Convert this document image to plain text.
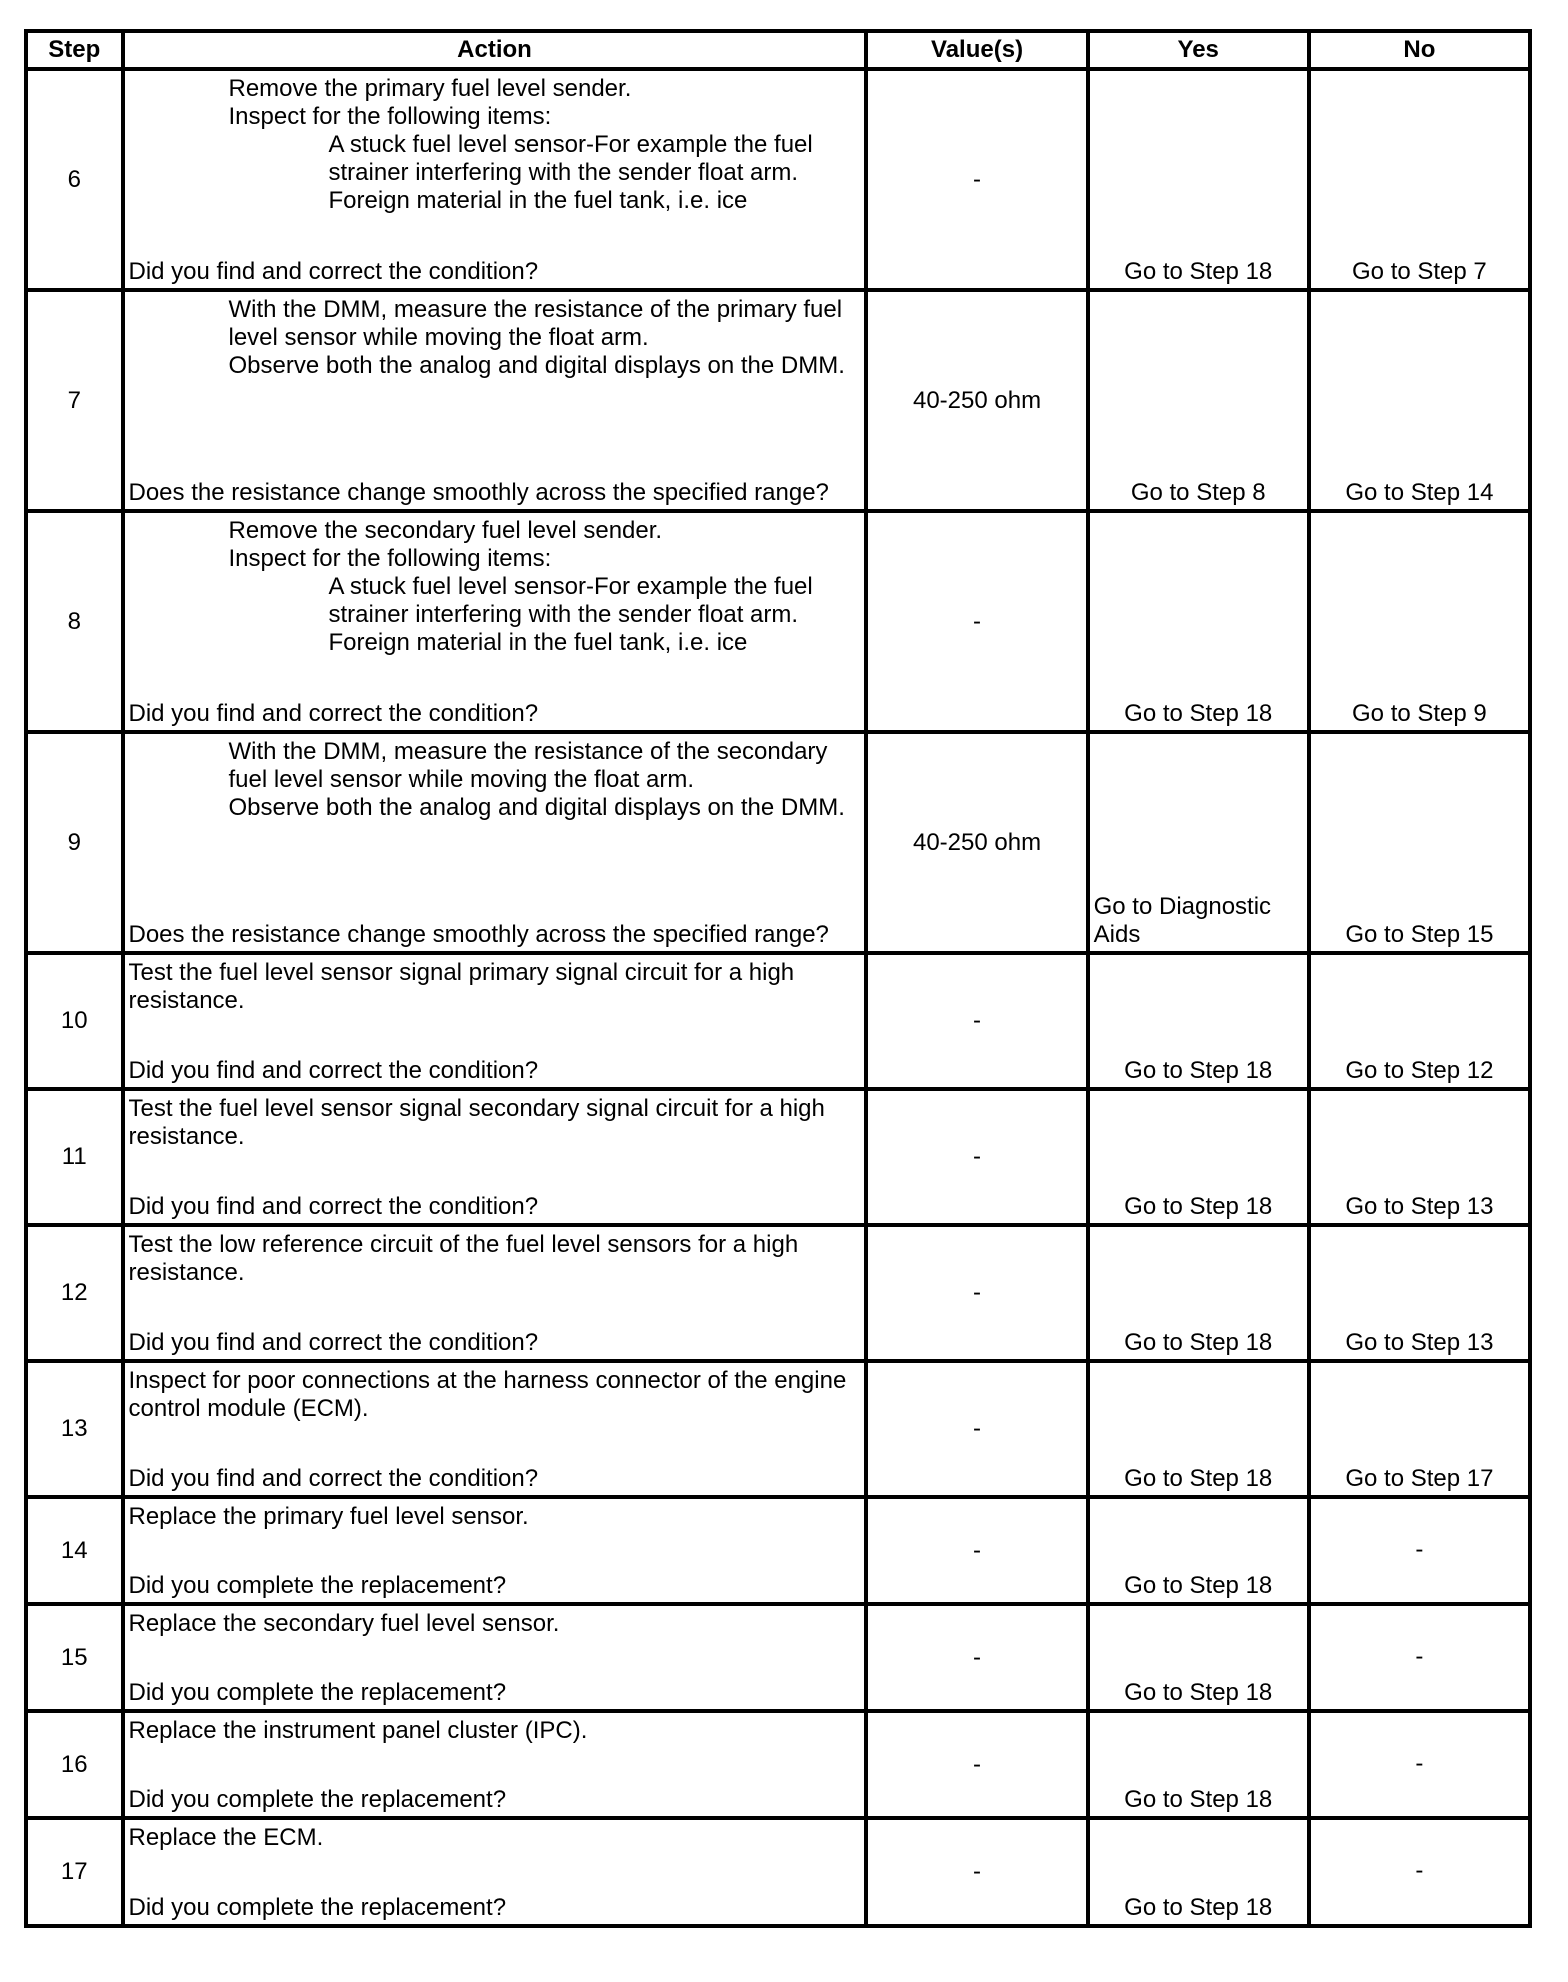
Step	Action	Value(s)	Yes	No
6	Remove the primary fuel level sender.
Inspect for the following items:
A stuck fuel level sensor-For example the fuel strainer interfering with the sender float arm.
Foreign material in the fuel tank, i.e. ice
Did you find and correct the condition?	-	Go to Step 18	Go to Step 7
7	With the DMM, measure the resistance of the primary fuel level sensor while moving the float arm.
Observe both the analog and digital displays on the DMM.
Does the resistance change smoothly across the specified range?	40-250 ohm	Go to Step 8	Go to Step 14
8	Remove the secondary fuel level sender.
Inspect for the following items:
A stuck fuel level sensor-For example the fuel strainer interfering with the sender float arm.
Foreign material in the fuel tank, i.e. ice
Did you find and correct the condition?	-	Go to Step 18	Go to Step 9
9	With the DMM, measure the resistance of the secondary fuel level sensor while moving the float arm.
Observe both the analog and digital displays on the DMM.
Does the resistance change smoothly across the specified range?	40-250 ohm	Go to Diagnostic Aids	Go to Step 15
10	Test the fuel level sensor signal primary signal circuit for a high resistance.
Did you find and correct the condition?	-	Go to Step 18	Go to Step 12
11	Test the fuel level sensor signal secondary signal circuit for a high resistance.
Did you find and correct the condition?	-	Go to Step 18	Go to Step 13
12	Test the low reference circuit of the fuel level sensors for a high resistance.
Did you find and correct the condition?	-	Go to Step 18	Go to Step 13
13	Inspect for poor connections at the harness connector of the engine control module (ECM).
Did you find and correct the condition?	-	Go to Step 18	Go to Step 17
14	Replace the primary fuel level sensor.
Did you complete the replacement?	-	Go to Step 18	-
15	Replace the secondary fuel level sensor.
Did you complete the replacement?	-	Go to Step 18	-
16	Replace the instrument panel cluster (IPC).
Did you complete the replacement?	-	Go to Step 18	-
17	Replace the ECM.
Did you complete the replacement?	-	Go to Step 18	-
